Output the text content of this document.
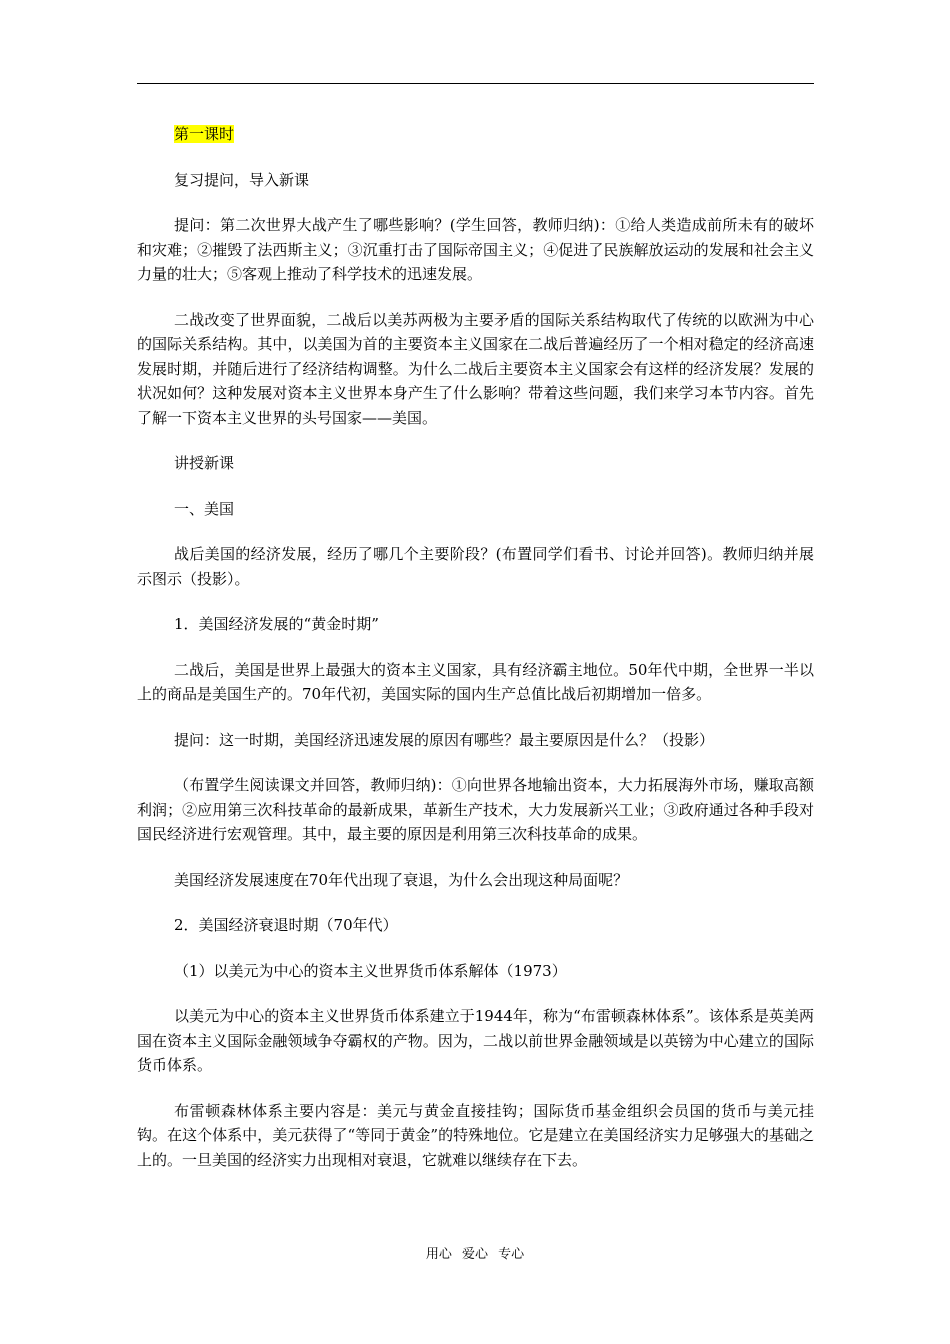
第一课时

复习提问，导入新课

提问：第二次世界大战产生了哪些影响？(学生回答，教师归纳)：①给人类造成前所未有的破坏和灾难；②摧毁了法西斯主义；③沉重打击了国际帝国主义；④促进了民族解放运动的发展和社会主义力量的壮大；⑤客观上推动了科学技术的迅速发展。

二战改变了世界面貌，二战后以美苏两极为主要矛盾的国际关系结构取代了传统的以欧洲为中心的国际关系结构。其中，以美国为首的主要资本主义国家在二战后普遍经历了一个相对稳定的经济高速发展时期，并随后进行了经济结构调整。为什么二战后主要资本主义国家会有这样的经济发展？发展的状况如何？这种发展对资本主义世界本身产生了什么影响？带着这些问题，我们来学习本节内容。首先了解一下资本主义世界的头号国家——美国。

讲授新课

一、美国

战后美国的经济发展，经历了哪几个主要阶段？(布置同学们看书、讨论并回答)。教师归纳并展示图示（投影）。

1．美国经济发展的“黄金时期”

二战后，美国是世界上最强大的资本主义国家，具有经济霸主地位。50年代中期，全世界一半以上的商品是美国生产的。70年代初，美国实际的国内生产总值比战后初期增加一倍多。

提问：这一时期，美国经济迅速发展的原因有哪些？最主要原因是什么？（投影）

（布置学生阅读课文并回答，教师归纳)：①向世界各地输出资本，大力拓展海外市场，赚取高额利润；②应用第三次科技革命的最新成果，革新生产技术，大力发展新兴工业；③政府通过各种手段对国民经济进行宏观管理。其中，最主要的原因是利用第三次科技革命的成果。

美国经济发展速度在70年代出现了衰退，为什么会出现这种局面呢？

2．美国经济衰退时期（70年代）

（1）以美元为中心的资本主义世界货币体系解体（1973）

以美元为中心的资本主义世界货币体系建立于1944年，称为“布雷顿森林体系”。该体系是英美两国在资本主义国际金融领域争夺霸权的产物。因为，二战以前世界金融领域是以英镑为中心建立的国际货币体系。

布雷顿森林体系主要内容是：美元与黄金直接挂钩；国际货币基金组织会员国的货币与美元挂钩。在这个体系中，美元获得了“等同于黄金”的特殊地位。它是建立在美国经济实力足够强大的基础之上的。一旦美国的经济实力出现相对衰退，它就难以继续存在下去。

用心 爱心 专心
